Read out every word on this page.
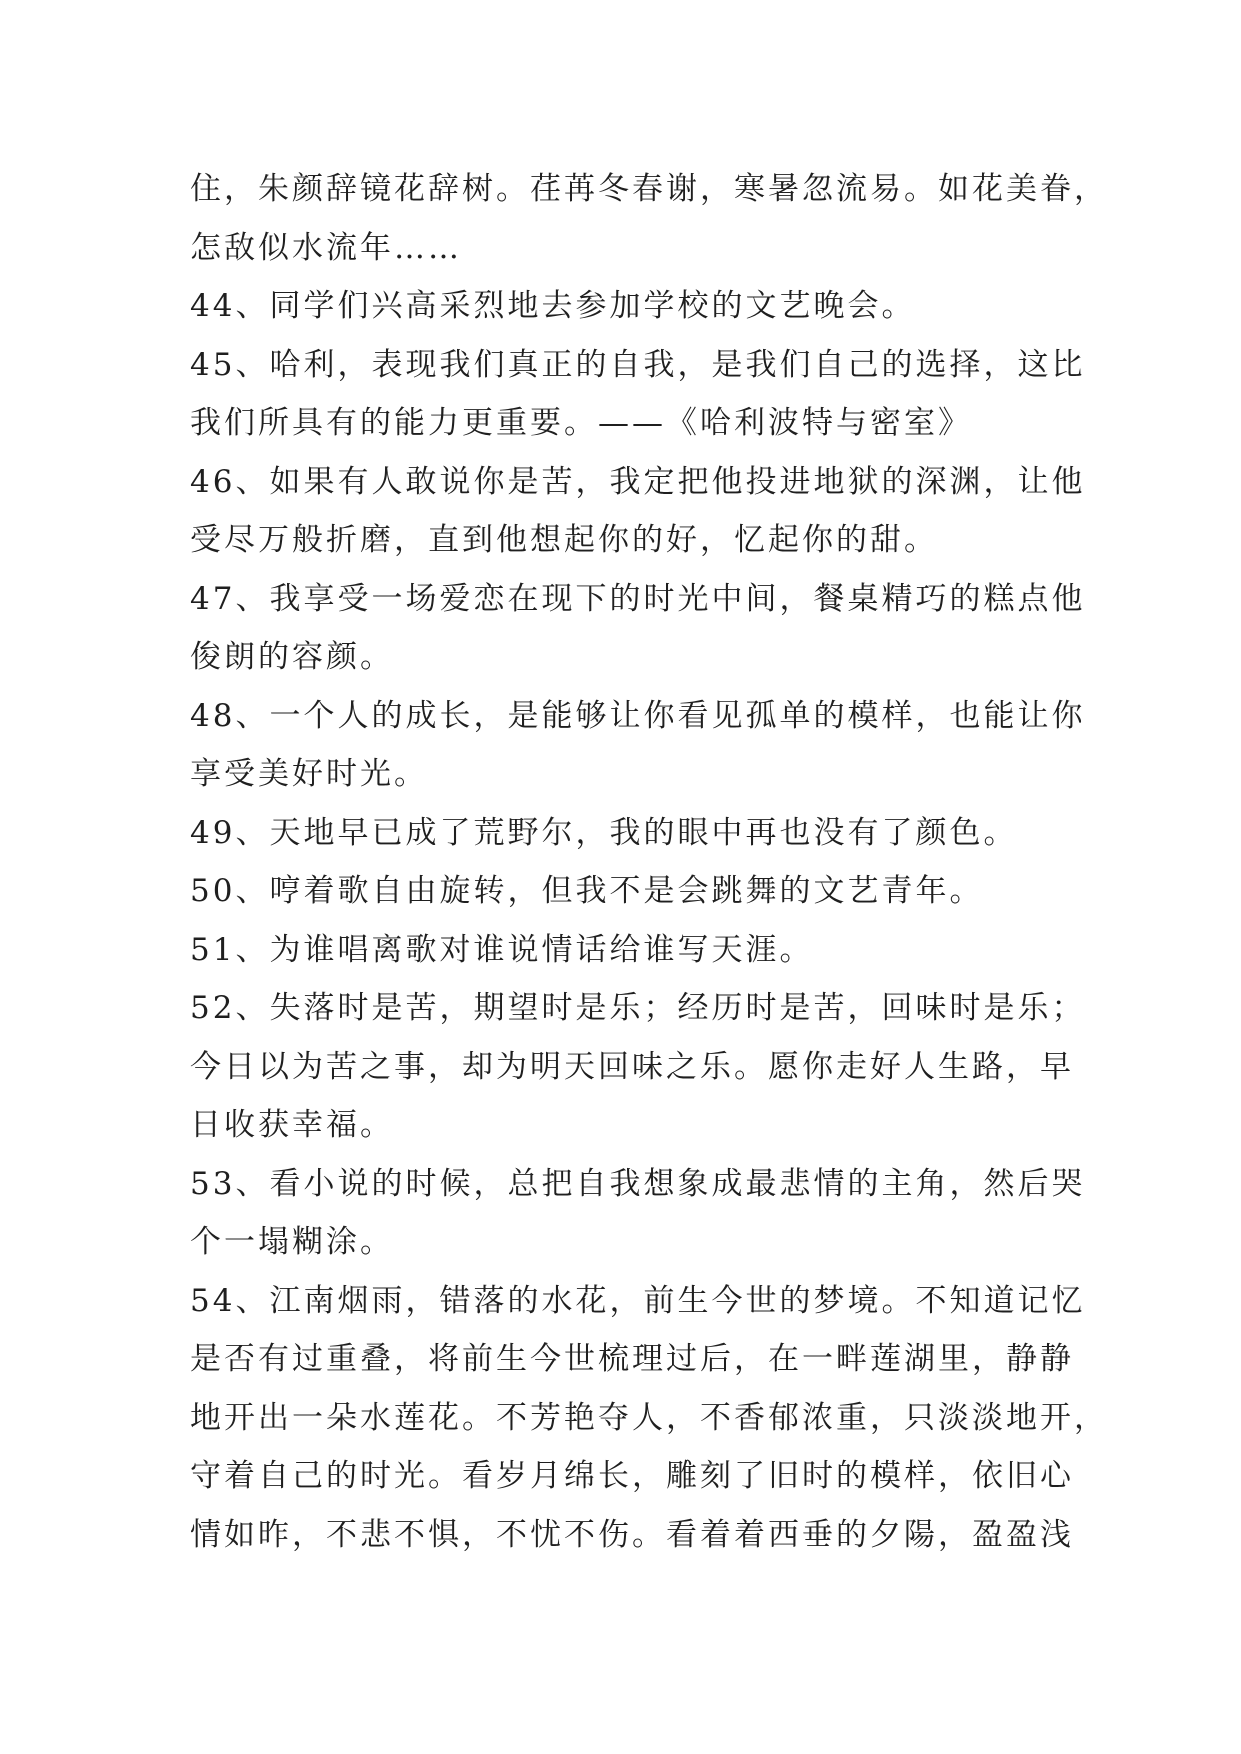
住，朱颜辞镜花辞树。荏苒冬春谢，寒暑忽流易。如花美眷，
怎敌似水流年……
44、同学们兴高采烈地去参加学校的文艺晚会。
45、哈利，表现我们真正的自我，是我们自己的选择，这比
我们所具有的能力更重要。——《哈利波特与密室》
46、如果有人敢说你是苦，我定把他投进地狱的深渊，让他
受尽万般折磨，直到他想起你的好，忆起你的甜。
47、我享受一场爱恋在现下的时光中间，餐桌精巧的糕点他
俊朗的容颜。
48、一个人的成长，是能够让你看见孤单的模样，也能让你
享受美好时光。
49、天地早已成了荒野尔，我的眼中再也没有了颜色。
50、哼着歌自由旋转，但我不是会跳舞的文艺青年。
51、为谁唱离歌对谁说情话给谁写天涯。
52、失落时是苦，期望时是乐；经历时是苦，回味时是乐；
今日以为苦之事，却为明天回味之乐。愿你走好人生路，早
日收获幸福。
53、看小说的时候，总把自我想象成最悲情的主角，然后哭
个一塌糊涂。
54、江南烟雨，错落的水花，前生今世的梦境。不知道记忆
是否有过重叠，将前生今世梳理过后，在一畔莲湖里，静静
地开出一朵水莲花。不芳艳夺人，不香郁浓重，只淡淡地开，
守着自己的时光。看岁月绵长，雕刻了旧时的模样，依旧心
情如昨，不悲不惧，不忧不伤。看着着西垂的夕陽，盈盈浅
